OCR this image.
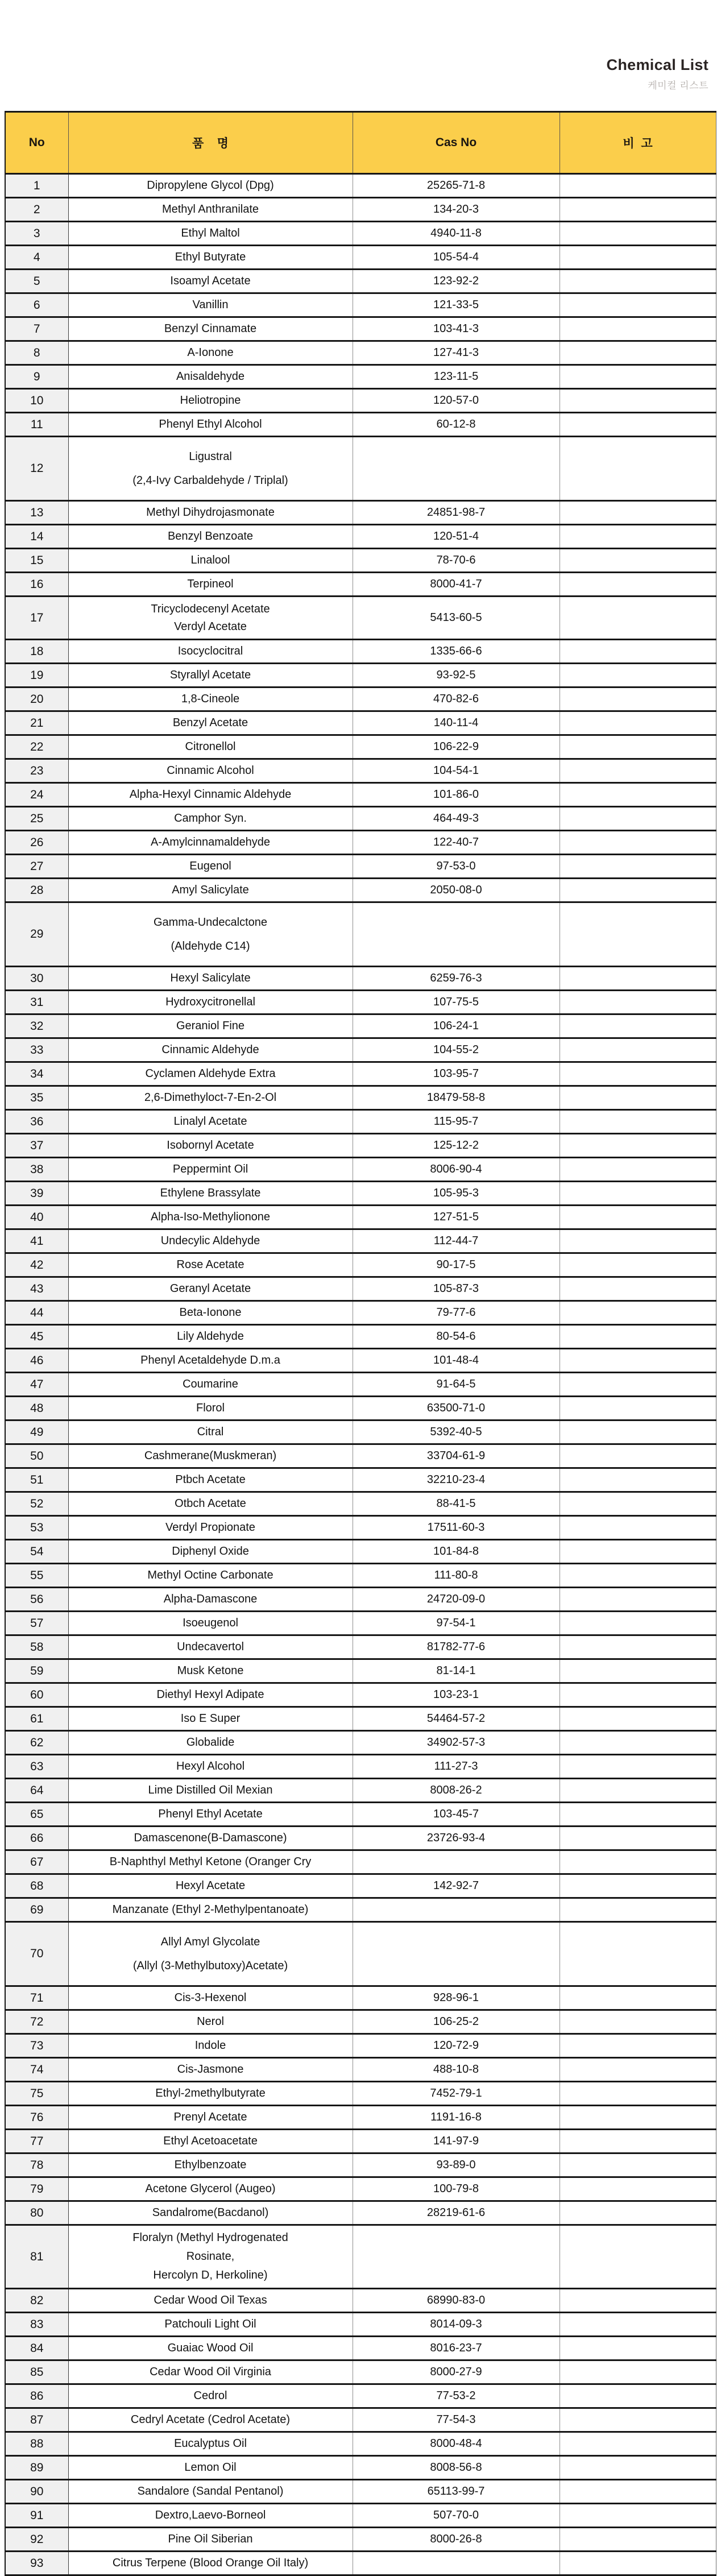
Chemical List
케미컬 리스트
No	품    명	Cas No	비  고
1	Dipropylene Glycol (Dpg)	25265-71-8	
2	Methyl Anthranilate	134-20-3	
3	Ethyl Maltol	4940-11-8	
4	Ethyl Butyrate	105-54-4	
5	Isoamyl Acetate	123-92-2	
6	Vanillin	121-33-5	
7	Benzyl Cinnamate	103-41-3	
8	A-Ionone	127-41-3	
9	Anisaldehyde	123-11-5	
10	Heliotropine	120-57-0	
11	Phenyl Ethyl Alcohol	60-12-8	
12	Ligustral
(2,4-Ivy Carbaldehyde / Triplal)		

13	Methyl Dihydrojasmonate	24851-98-7	
14	Benzyl Benzoate	120-51-4	
15	Linalool	78-70-6	
16	Terpineol	8000-41-7	
17	Tricyclodecenyl Acetate
Verdyl Acetate	5413-60-5	
18	Isocyclocitral	1335-66-6	
19	Styrallyl Acetate	93-92-5	
20	1,8-Cineole	470-82-6	
21	Benzyl Acetate	140-11-4	
22	Citronellol	106-22-9	
23	Cinnamic Alcohol	104-54-1	
24	Alpha-Hexyl Cinnamic Aldehyde	101-86-0	
25	Camphor Syn.	464-49-3	
26	A-Amylcinnamaldehyde	122-40-7	
27	Eugenol	97-53-0	
28	Amyl Salicylate	2050-08-0	
29	Gamma-Undecalctone
(Aldehyde C14)		

30	Hexyl Salicylate	6259-76-3	
31	Hydroxycitronellal	107-75-5	
32	Geraniol Fine	106-24-1	
33	Cinnamic Aldehyde	104-55-2	
34	Cyclamen Aldehyde Extra	103-95-7	
35	2,6-Dimethyloct-7-En-2-Ol	18479-58-8	
36	Linalyl Acetate	115-95-7	
37	Isobornyl Acetate	125-12-2	
38	Peppermint Oil	8006-90-4	
39	Ethylene Brassylate	105-95-3	
40	Alpha-Iso-Methylionone	127-51-5	
41	Undecylic Aldehyde	112-44-7	
42	Rose Acetate	90-17-5	
43	Geranyl Acetate	105-87-3	
44	Beta-Ionone	79-77-6	
45	Lily Aldehyde	80-54-6	
46	Phenyl Acetaldehyde D.m.a	101-48-4	
47	Coumarine	91-64-5	
48	Florol	63500-71-0	
49	Citral	5392-40-5	
50	Cashmerane(Muskmeran)	33704-61-9	
51	Ptbch Acetate	32210-23-4	
52	Otbch Acetate	88-41-5	
53	Verdyl Propionate	17511-60-3	
54	Diphenyl Oxide	101-84-8	
55	Methyl Octine Carbonate	111-80-8	
56	Alpha-Damascone	24720-09-0	
57	Isoeugenol	97-54-1	
58	Undecavertol	81782-77-6	
59	Musk Ketone	81-14-1	
60	Diethyl Hexyl Adipate	103-23-1	
61	Iso E Super	54464-57-2	
62	Globalide	34902-57-3	
63	Hexyl Alcohol	111-27-3	
64	Lime Distilled Oil Mexian	8008-26-2	
65	Phenyl Ethyl Acetate	103-45-7	
66	Damascenone(B-Damascone)	23726-93-4	
67	B-Naphthyl Methyl Ketone (Oranger Cry		
68	Hexyl Acetate	142-92-7	
69	Manzanate (Ethyl 2-Methylpentanoate)		
70	Allyl Amyl Glycolate
(Allyl (3-Methylbutoxy)Acetate)		

71	Cis-3-Hexenol	928-96-1	
72	Nerol	106-25-2	
73	Indole	120-72-9	
74	Cis-Jasmone	488-10-8	
75	Ethyl-2methylbutyrate	7452-79-1	
76	Prenyl Acetate	1191-16-8	
77	Ethyl Acetoacetate	141-97-9	
78	Ethylbenzoate	93-89-0	
79	Acetone Glycerol (Augeo)	100-79-8	
80	Sandalrome(Bacdanol)	28219-61-6	
81	Floralyn (Methyl Hydrogenated
Rosinate,
Hercolyn D, Herkoline)		

82	Cedar Wood Oil Texas	68990-83-0	
83	Patchouli Light Oil	8014-09-3	
84	Guaiac Wood Oil	8016-23-7	
85	Cedar Wood Oil Virginia	8000-27-9	
86	Cedrol	77-53-2	
87	Cedryl Acetate (Cedrol Acetate)	77-54-3	
88	Eucalyptus Oil	8000-48-4	
89	Lemon Oil	8008-56-8	
90	Sandalore (Sandal Pentanol)	65113-99-7	
91	Dextro,Laevo-Borneol	507-70-0	
92	Pine Oil Siberian	8000-26-8	
93	Citrus Terpene (Blood Orange Oil Italy)		
